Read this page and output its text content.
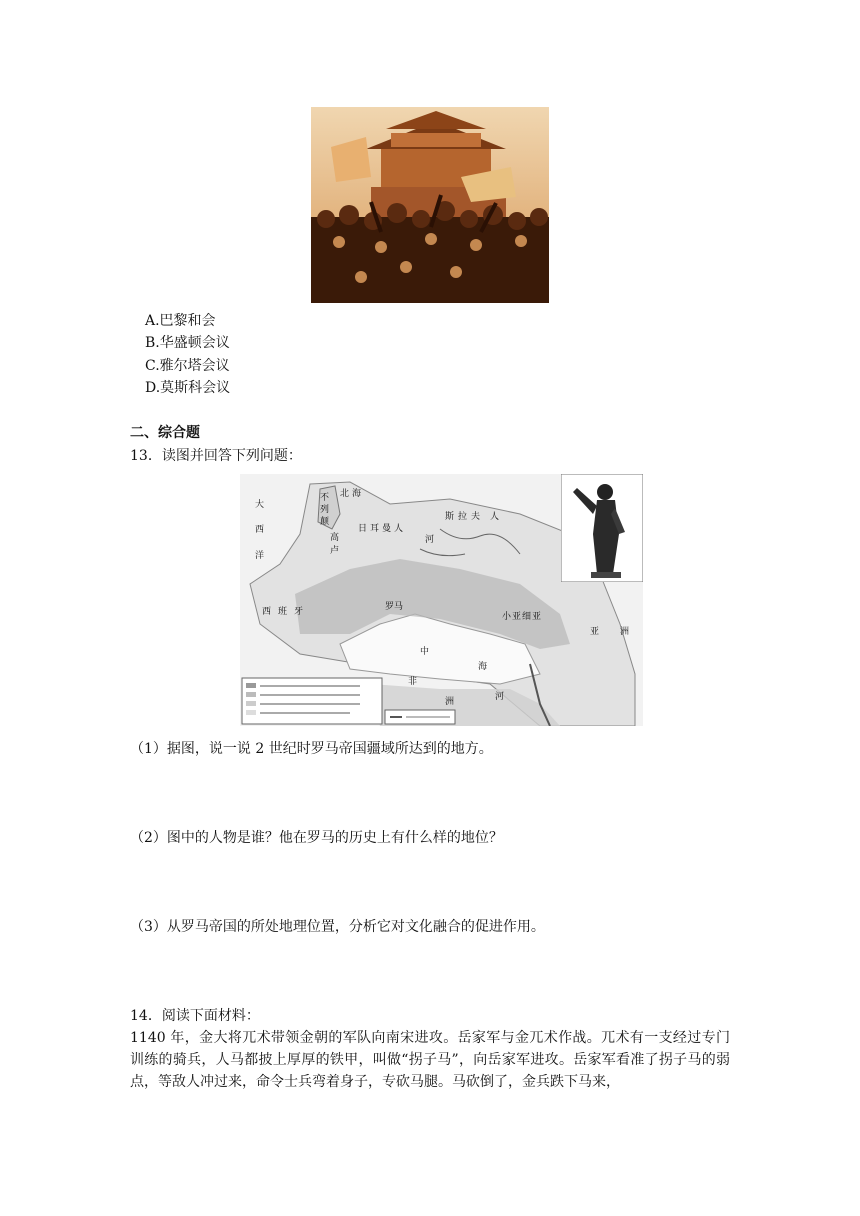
A.巴黎和会
B.华盛顿会议
C.雅尔塔会议
D.莫斯科会议
二、综合题
13．读图并回答下列问题：
大
西
洋
北 海
不
列
颠
日 耳 曼 人
斯 拉 夫 人
河
高
卢
西 班 牙	罗马
小 亚 细 亚
非
洲	河
亚 洲
中
海
（1）据图，说一说 2 世纪时罗马帝国疆域所达到的地方。
（2）图中的人物是谁？他在罗马的历史上有什么样的地位？
（3）从罗马帝国的所处地理位置，分析它对文化融合的促进作用。
14．阅读下面材料：
1140 年，金大将兀术带领金朝的军队向南宋进攻。岳家军与金兀术作战。兀术有一支经过专门训练的骑兵，人马都披上厚厚的铁甲，叫做“拐子马”，向岳家军进攻。岳家军看准了拐子马的弱点，等敌人冲过来，命令士兵弯着身子，专砍马腿。马砍倒了，金兵跌下马来，
